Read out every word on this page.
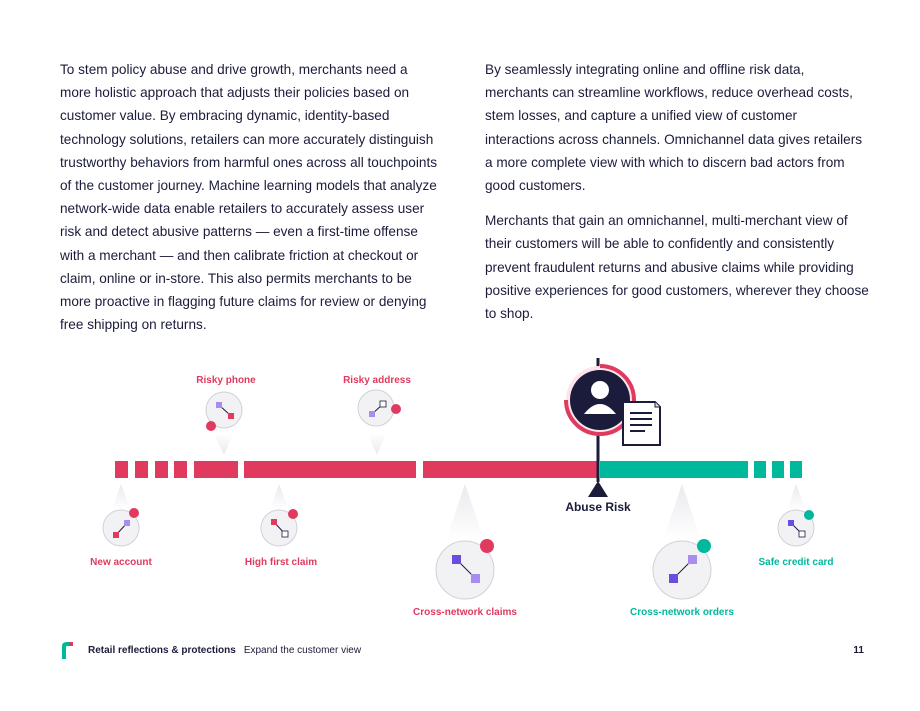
To stem policy abuse and drive growth, merchants need a more holistic approach that adjusts their policies based on customer value. By embracing dynamic, identity-based technology solutions, retailers can more accurately distinguish trustworthy behaviors from harmful ones across all touchpoints of the customer journey. Machine learning models that analyze network-wide data enable retailers to accurately assess user risk and detect abusive patterns — even a first-time offense with a merchant — and then calibrate friction at checkout or claim, online or in-store. This also permits merchants to be more proactive in flagging future claims for review or denying free shipping on returns.

By seamlessly integrating online and offline risk data, merchants can streamline workflows, reduce overhead costs, stem losses, and capture a unified view of customer interactions across channels. Omnichannel data gives retailers a more complete view with which to discern bad actors from good customers.

Merchants that gain an omnichannel, multi-merchant view of their customers will be able to confidently and consistently prevent fraudulent returns and abusive claims while providing positive experiences for good customers, wherever they choose to shop.

Abuse Risk
Risky phone	Risky address
New account	High first claim
Cross-network claims	Cross-network orders
Safe credit card
Retail reflections & protections Expand the customer view	11
